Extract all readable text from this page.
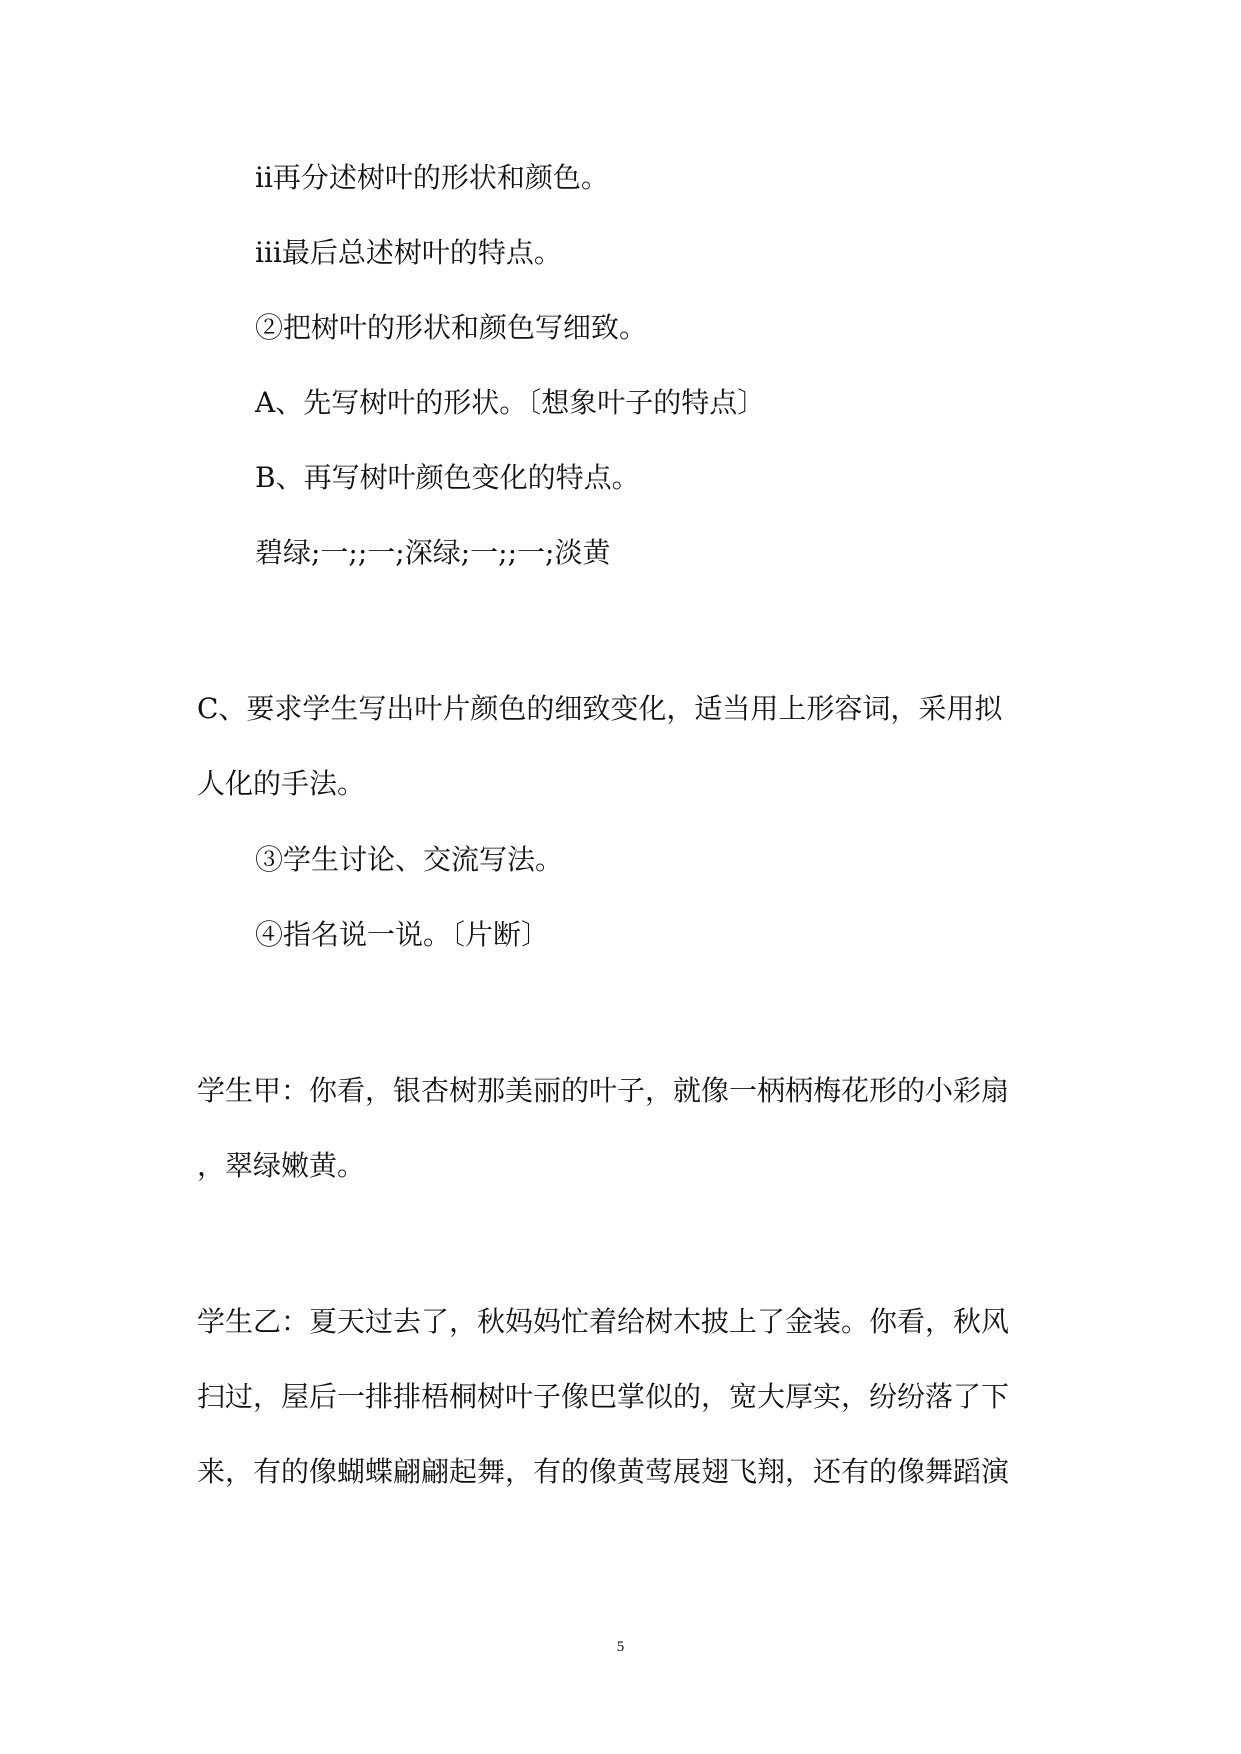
ⅱ再分述树叶的形状和颜色。

ⅲ最后总述树叶的特点。

②把树叶的形状和颜色写细致。

A、先写树叶的形状。〔想象叶子的特点〕

B、再写树叶颜色变化的特点。

碧绿;一;;一;深绿;一;;一;淡黄

C、要求学生写出叶片颜色的细致变化，适当用上形容词，采用拟

人化的手法。

③学生讨论、交流写法。

④指名说一说。〔片断〕

学生甲：你看，银杏树那美丽的叶子，就像一柄柄梅花形的小彩扇

，翠绿嫩黄。

学生乙：夏天过去了，秋妈妈忙着给树木披上了金装。你看，秋风

扫过，屋后一排排梧桐树叶子像巴掌似的，宽大厚实，纷纷落了下

来，有的像蝴蝶翩翩起舞，有的像黄莺展翅飞翔，还有的像舞蹈演

5
